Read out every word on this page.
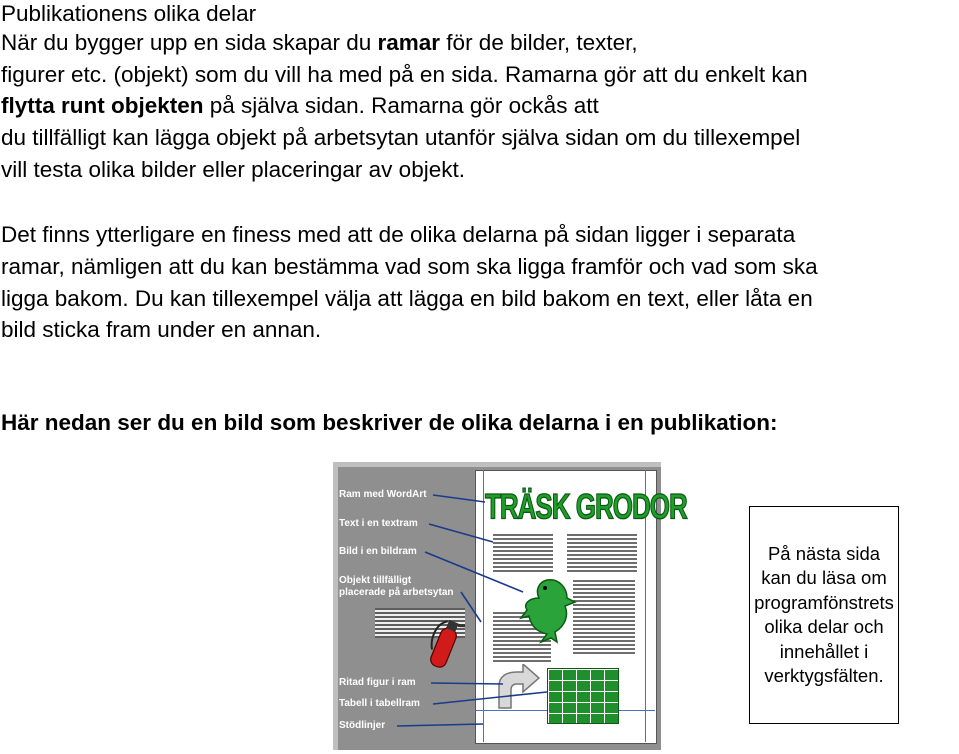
Publikationens olika delar
När du bygger upp en sida skapar du ramar för de bilder, texter,
figurer etc. (objekt) som du vill ha med på en sida. Ramarna gör att du enkelt kan
flytta runt objekten på själva sidan. Ramarna gör ockås att
du tillfälligt kan lägga objekt på arbetsytan utanför själva sidan om du tillexempel
vill testa olika bilder eller placeringar av objekt.
Det finns ytterligare en finess med att de olika delarna på sidan ligger i separata
ramar, nämligen att du kan bestämma vad som ska ligga framför och vad som ska
ligga bakom. Du kan tillexempel välja att lägga en bild bakom en text, eller låta en
bild sticka fram under en annan.
Här nedan ser du en bild som beskriver de olika delarna i en publikation:
TRÄSK GRODOR
Ram med WordArt
Text i en textram
Bild i en bildram
Objekt tillfälligt
placerade på arbetsytan
Ritad figur i ram
Tabell i tabellram
Stödlinjer
På nästa sida kan du läsa om programfönstrets olika delar och innehållet i verktygsfälten.
